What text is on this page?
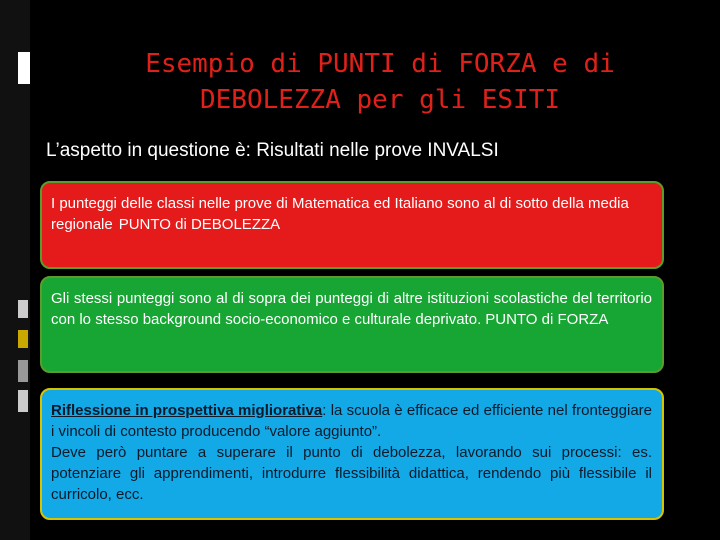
Esempio di PUNTI di FORZA e di
DEBOLEZZA per gli ESITI
L’aspetto in questione è: Risultati nelle prove INVALSI
I punteggi delle classi nelle prove di Matematica ed Italiano sono al di sotto della media regionale PUNTO di DEBOLEZZA
Gli stessi punteggi sono al di sopra dei punteggi di altre istituzioni scolastiche del territorio con lo stesso background socio-economico e culturale deprivato. PUNTO di FORZA
Riflessione in prospettiva migliorativa: la scuola è efficace ed efficiente nel fronteggiare i vincoli di contesto producendo “valore aggiunto”.
Deve però puntare a superare il punto di debolezza, lavorando sui processi: es. potenziare gli apprendimenti, introdurre flessibilità didattica, rendendo più flessibile il curricolo, ecc.
